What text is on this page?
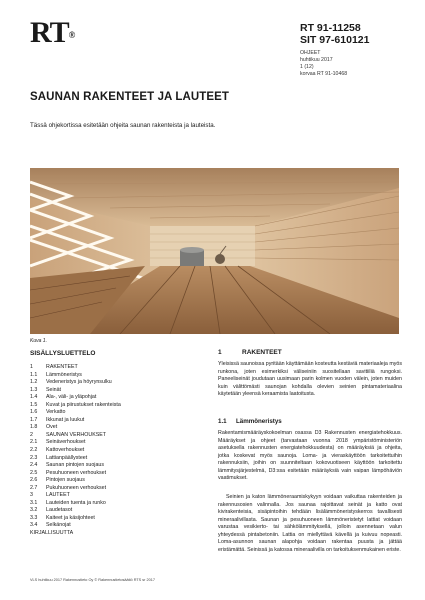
RT®
RT 91-11258
SIT 97-610121
OHJEET
huhtikuu 2017
1 (12)
korvaa RT 91-10468
SAUNAN RAKENTEET JA LAUTEET
Tässä ohjekortissa esitetään ohjeita saunan rakenteista ja lauteista.
Kuva 1.
SISÄLLYSLUETTELO
1	RAKENTEET
1.1	Lämmöneristys
1.2	Vedeneristys ja höyrynsulku
1.3	Seinät
1.4	Ala-, väli- ja yläpohjat
1.5	Kuvat ja piirustukset rakenteista
1.6	Verkatto
1.7	Ikkunat ja luukut
1.8	Ovet
2	SAUNAN VERHOUKSET
2.1	Seinäverhoukset
2.2	Kattoverhoukset
2.3	Lattianpäällysteet
2.4	Saunan pintojen suojaus
2.5	Pesuhuoneen verhoukset
2.6	Pintojen suojaus
2.7	Pukuhuoneen verhoukset
3	LAUTEET
3.1	Lauteiden tuenta ja runko
3.2	Laudetasot
3.3	Kaiteet ja käsijohteet
3.4	Selkänojat
KIRJALLISUUTTA
1	RAKENTEET
Yleisissä saunoissa pyritään käyttämään kosteutta kestäviä materiaaleja myös runkona, joten esimerkiksi väliseiniin suositellaan savitiiliä rungoksi. Paneeliseinät joudutaan uusimaan parin kolmen vuoden välein, joten muiden kuin välittömästi saunojan kohdalla olevien seinien pintamateriaalina käytetään yleensä keraamista laatoitusta.
1.1 Lämmöneristys
Rakentamismääräyskokoelman osassa D3 Rakennusten energiatehokkuus. Määräykset ja ohjeet (tarvastaan vuonna 2018 ympäristöministeriön asetuksella rakennusten energiatehokkuudesta) on määräyksiä ja ohjeita, jotka koskevat myös saunoja. Loma- ja vieraskäyttöön tarkoitettuihin rakennuksiin, joihin on suunniteltaan kokovuotiseen käyttöön tarkoitettu lämmitysjärjestelmä, D3:ssa esitetään määräyksiä vain vaipan lämpöhäviön vaatimukset.
Seinien ja katon lämmöneraamiskykyyn voidaan vaikuttaa rakenteiden ja rakennusosien valinnalla. Jos saunaa rajoittavat seinät ja katto ovat kivirakenteisia, sisäpintoihin tehdään lisälämmöneristyskerros tavallisesti mineraalivillasta. Saunan ja pesuhuoneen lämmöneristetyt lattiat voidaan varustaa vesikierto- tai sähkölämmityksellä, jolloin asennetaan valun yhteydessä pintabetoniin. Lattia on miellyttävä kävellä ja kuivuu nopeasti. Loma-asunnon saunan alapohja voidaan rakentaa puusta ja jättää eristämättä. Seinissä ja katossa mineraalivilla on tarkoituksenmukainen eriste.
VLS huhtikuu 2017 Rakennustieto Oy © Rakennustietosäätiö RTS sr 2017
